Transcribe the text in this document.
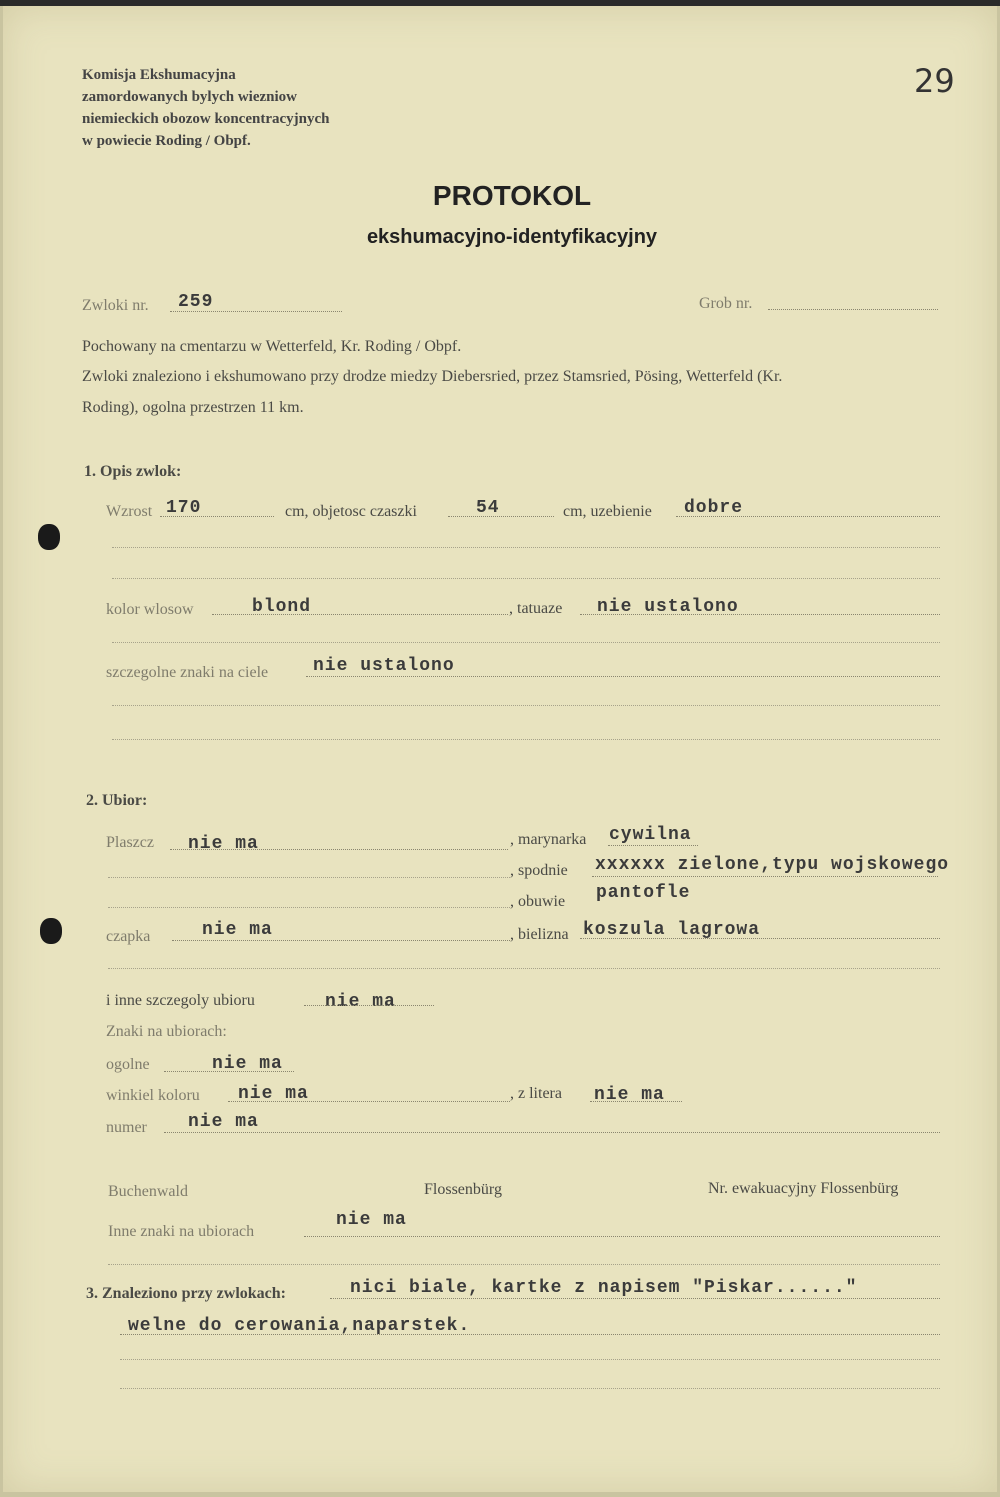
29
Komisja Ekshumacyjna
zamordowanych bylych wiezniow
niemieckich obozow koncentracyjnych
w powiecie Roding / Obpf.
PROTOKOL
ekshumacyjno-identyfikacyjny
Zwloki nr. 259	Grob nr.
Pochowany na cmentarzu w Wetterfeld, Kr. Roding / Obpf.
Zwloki znaleziono i ekshumowano przy drodze miedzy Diebersried, przez Stamsried, Pösing, Wetterfeld (Kr.
Roding), ogolna przestrzen 11 km.
1. Opis zwlok:
Wzrost 170	cm, objetosc czaszki	54	cm, uzebienie dobre
kolor wlosow	blond	, tatuaze nie ustalono
szczegolne znaki na ciele nie ustalono
2. Ubior:
Plaszcz nie ma	, marynarka cywilna
, spodnie xxxxxx zielone,typu wojskowego
, obuwie pantofle
czapka	nie ma	, bielizna koszula lagrowa
i inne szczegoly ubioru	nie ma
Znaki na ubiorach:
ogolne	nie ma
winkiel koloru nie ma	, z litera nie ma
numer nie ma
Buchenwald	Flossenbürg	Nr. ewakuacyjny Flossenbürg
Inne znaki na ubiorach
nie ma
3. Znaleziono przy zwlokach:	nici biale, kartke z napisem "Piskar......"
welne do cerowania,naparstek.
